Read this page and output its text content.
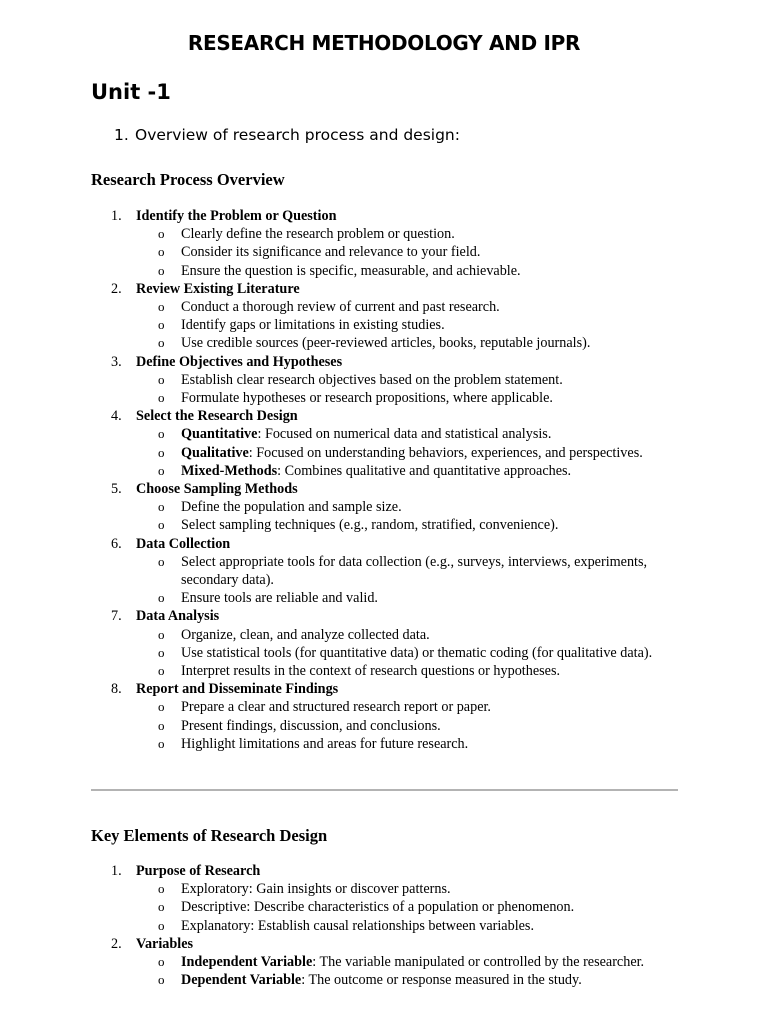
RESEARCH METHODOLOGY AND IPR
Unit -1
1. Overview of research process and design:
Research Process Overview
1.	Identify the Problem or Question
o Clearly define the research problem or question.
o Consider its significance and relevance to your field.
o Ensure the question is specific, measurable, and achievable.
2.	Review Existing Literature
o Conduct a thorough review of current and past research.
o Identify gaps or limitations in existing studies.
o Use credible sources (peer-reviewed articles, books, reputable journals).
3.	Define Objectives and Hypotheses
o Establish clear research objectives based on the problem statement.
o Formulate hypotheses or research propositions, where applicable.
4.	Select the Research Design
o Quantitative: Focused on numerical data and statistical analysis.
o Qualitative: Focused on understanding behaviors, experiences, and perspectives.
o Mixed-Methods: Combines qualitative and quantitative approaches.
5.	Choose Sampling Methods
o Define the population and sample size.
o Select sampling techniques (e.g., random, stratified, convenience).
6.	Data Collection
o Select appropriate tools for data collection (e.g., surveys, interviews, experiments, secondary data).
o Ensure tools are reliable and valid.
7.	Data Analysis
o Organize, clean, and analyze collected data.
o Use statistical tools (for quantitative data) or thematic coding (for qualitative data).
o Interpret results in the context of research questions or hypotheses.
8.	Report and Disseminate Findings
o Prepare a clear and structured research report or paper.
o Present findings, discussion, and conclusions.
o Highlight limitations and areas for future research.
Key Elements of Research Design
1.	Purpose of Research
o Exploratory: Gain insights or discover patterns.
o Descriptive: Describe characteristics of a population or phenomenon.
o Explanatory: Establish causal relationships between variables.
2.	Variables
o Independent Variable: The variable manipulated or controlled by the researcher.
o Dependent Variable: The outcome or response measured in the study.
